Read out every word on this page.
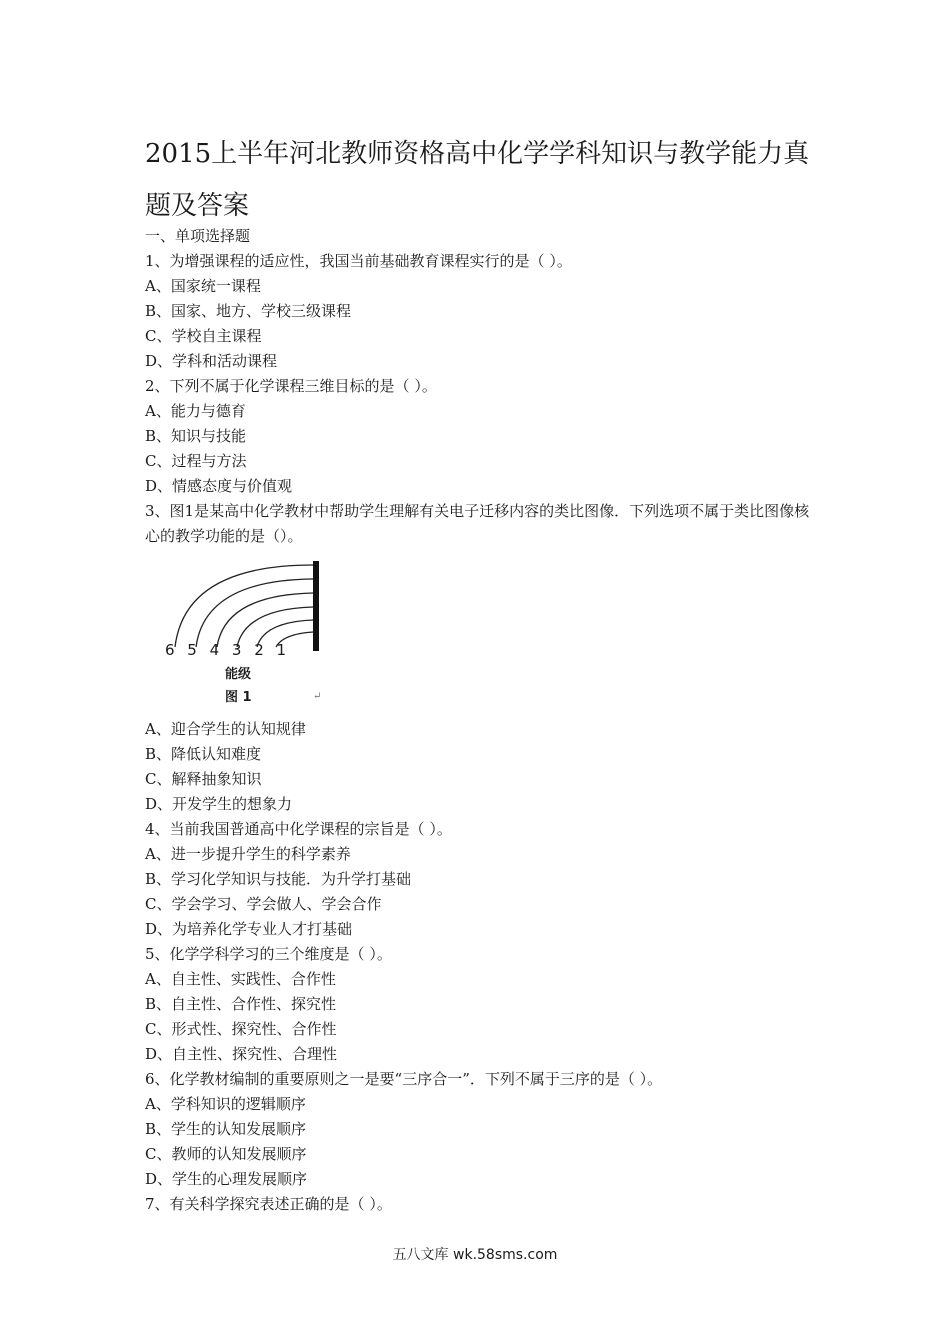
2015上半年河北教师资格高中化学学科知识与教学能力真题及答案
一、单项选择题
1、为增强课程的适应性，我国当前基础教育课程实行的是（ ）。
A、国家统一课程
B、国家、地方、学校三级课程
C、学校自主课程
D、学科和活动课程
2、下列不属于化学课程三维目标的是（ ）。
A、能力与德育
B、知识与技能
C、过程与方法
D、情感态度与价值观
3、图1是某高中化学教材中帮助学生理解有关电子迁移内容的类比图像．下列选项不属于类比图像核心的教学功能的是（）。
6 5 4 3 2 1
能级
图 1	↵
A、迎合学生的认知规律
B、降低认知难度
C、解释抽象知识
D、开发学生的想象力
4、当前我国普通高中化学课程的宗旨是（ ）。
A、进一步提升学生的科学素养
B、学习化学知识与技能．为升学打基础
C、学会学习、学会做人、学会合作
D、为培养化学专业人才打基础
5、化学学科学习的三个维度是（ ）。
A、自主性、实践性、合作性
B、自主性、合作性、探究性
C、形式性、探究性、合作性
D、自主性、探究性、合理性
6、化学教材编制的重要原则之一是要“三序合一”．下列不属于三序的是（ ）。
A、学科知识的逻辑顺序
B、学生的认知发展顺序
C、教师的认知发展顺序
D、学生的心理发展顺序
7、有关科学探究表述正确的是（ ）。
五八文库 wk.58sms.com
